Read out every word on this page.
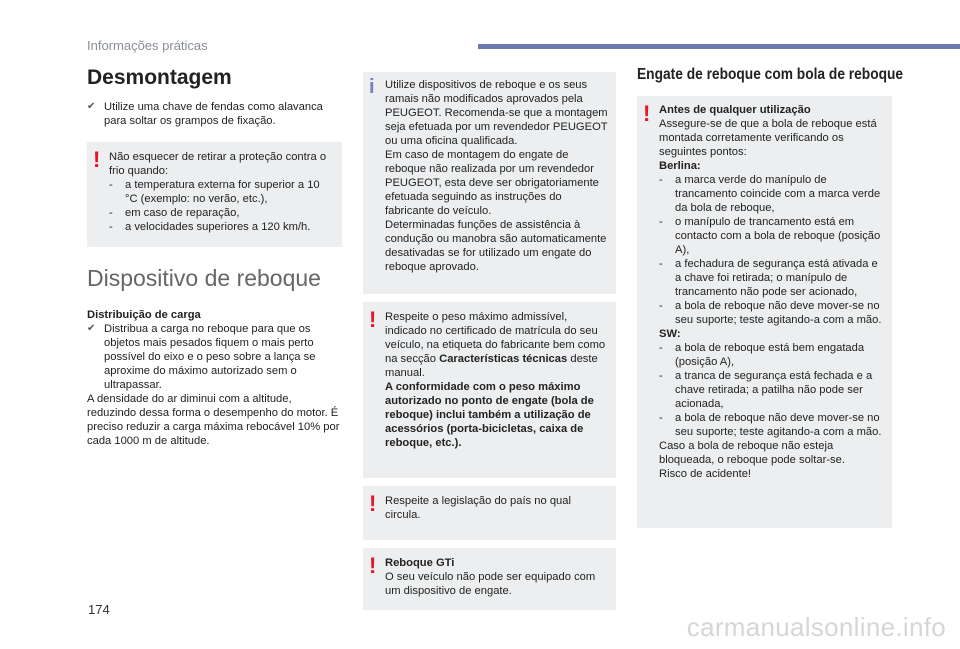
Informações práticas
Desmontagem
✔ Utilize uma chave de fendas como alavanca para soltar os grampos de fixação.
! Não esquecer de retirar a proteção contra o frio quando:

-	a temperatura externa for superior a 10 °C (exemplo: no verão, etc.),
-	em caso de reparação,
-	a velocidades superiores a 120 km/h.
Dispositivo de reboque

Distribuição de carga

✔ Distribua a carga no reboque para que os objetos mais pesados fiquem o mais perto possível do eixo e o peso sobre a lança se aproxime do máximo autorizado sem o ultrapassar.

A densidade do ar diminui com a altitude, reduzindo dessa forma o desempenho do motor. É preciso reduzir a carga máxima rebocável 10% por cada 1000 m de altitude.

i Utilize dispositivos de reboque e os seus ramais não modificados aprovados pela PEUGEOT. Recomenda-se que a montagem seja efetuada por um revendedor PEUGEOT ou uma oficina qualificada.
Em caso de montagem do engate de reboque não realizada por um revendedor PEUGEOT, esta deve ser obrigatoriamente efetuada seguindo as instruções do fabricante do veículo.
Determinadas funções de assistência à condução ou manobra são automaticamente desativadas se for utilizado um engate do reboque aprovado.

! Respeite o peso máximo admissível, indicado no certificado de matrícula do seu veículo, na etiqueta do fabricante bem como na secção Características técnicas deste manual.
A conformidade com o peso máximo autorizado no ponto de engate (bola de reboque) inclui também a utilização de acessórios (porta-bicicletas, caixa de reboque, etc.).

! Respeite a legislação do país no qual circula.

! Reboque GTi

O seu veículo não pode ser equipado com um dispositivo de engate.

Engate de reboque com bola de reboque
! Antes de qualquer utilização

Assegure-se de que a bola de reboque está montada corretamente verificando os seguintes pontos:

Berlina:

-	a marca verde do manípulo de trancamento coincide com a marca verde da bola de reboque,
-	o manípulo de trancamento está em contacto com a bola de reboque (posição A),
-	a fechadura de segurança está ativada e a chave foi retirada; o manípulo de trancamento não pode ser acionado,
-	a bola de reboque não deve mover-se no seu suporte; teste agitando-a com a mão.

SW:

-	a bola de reboque está bem engatada (posição A),
-	a tranca de segurança está fechada e a chave retirada; a patilha não pode ser acionada,
-	a bola de reboque não deve mover-se no seu suporte; teste agitando-a com a mão.

Caso a bola de reboque não esteja bloqueada, o reboque pode soltar-se.

Risco de acidente!

174
carmanualsonline.info
